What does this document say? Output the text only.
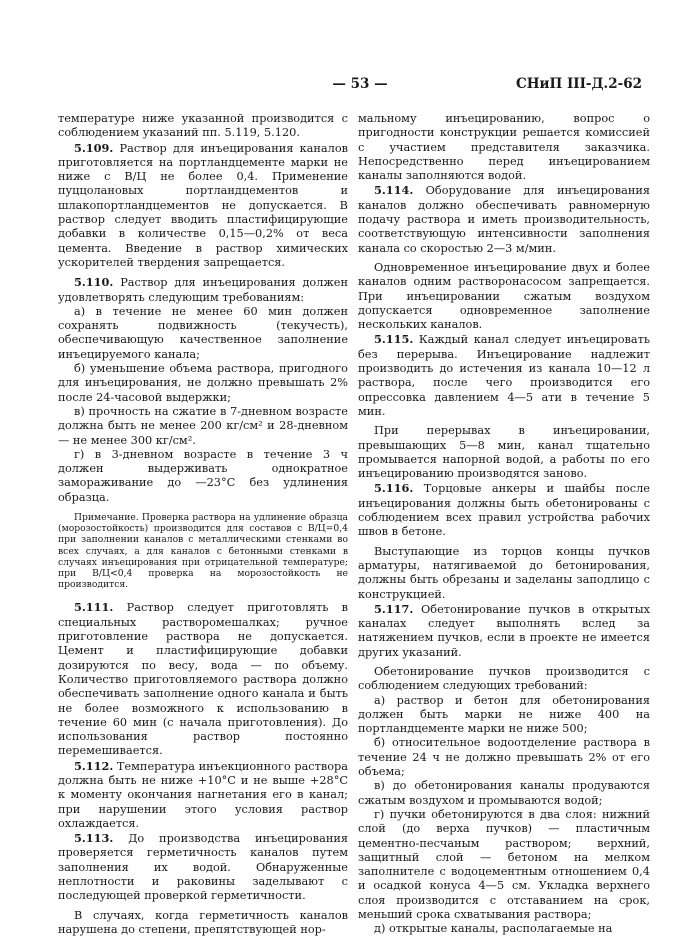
— 53 —	СНиП III-Д.2-62

температуре ниже указанной производится с соблюдением указаний пп. 5.119, 5.120.

5.109. Раствор для инъецирования каналов приготовляется на портландцементе марки не ниже с В/Ц не более 0,4. Применение пуццолановых портландцементов и шлакопортландцементов не допускается. В раствор следует вводить пластифицирующие добавки в количестве 0,15—0,2% от веса цемента. Введение в раствор химических ускорителей твердения запрещается.

5.110. Раствор для инъецирования должен удовлетворять следующим требованиям:

а) в течение не менее 60 мин должен сохранять подвижность (текучесть), обеспечивающую качественное заполнение инъецируемого канала;

б) уменьшение объема раствора, пригодного для инъецирования, не должно превышать 2% после 24-часовой выдержки;

в) прочность на сжатие в 7-дневном возрасте должна быть не менее 200 кг/см² и 28-дневном — не менее 300 кг/см².

г) в 3-дневном возрасте в течение 3 ч должен выдерживать однократное замораживание до —23°С без удлинения образца.

Примечание. Проверка раствора на удлинение образца (морозостойкость) производится для составов с В/Ц=0,4 при заполнении каналов с металлическими стенками во всех случаях, а для каналов с бетонными стенками в случаях инъецирования при отрицательной температуре; при В/Ц<0,4 проверка на морозостойкость не производится.

5.111. Раствор следует приготовлять в специальных растворомешалках; ручное приготовление раствора не допускается. Цемент и пластифицирующие добавки дозируются по весу, вода — по объему. Количество приготовляемого раствора должно обеспечивать заполнение одного канала и быть не более возможного к использованию в течение 60 мин (с начала приготовления). До использования раствор постоянно перемешивается.

5.112. Температура инъекционного раствора должна быть не ниже +10°С и не выше +28°С к моменту окончания нагнетания его в канал; при нарушении этого условия раствор охлаждается.

5.113. До производства инъецирования проверяется герметичность каналов путем заполнения их водой. Обнаруженные неплотности и раковины заделывают с последующей проверкой герметичности.

В случаях, когда герметичность каналов нарушена до степени, препятствующей нор-

мальному инъецированию, вопрос о пригодности конструкции решается комиссией с участием представителя заказчика. Непосредственно перед инъецированием каналы заполняются водой.

5.114. Оборудование для инъецирования каналов должно обеспечивать равномерную подачу раствора и иметь производительность, соответствующую интенсивности заполнения канала со скоростью 2—3 м/мин.

Одновременное инъецирование двух и более каналов одним растворонасосом запрещается. При инъецировании сжатым воздухом допускается одновременное заполнение нескольких каналов.

5.115. Каждый канал следует инъецировать без перерыва. Инъецирование надлежит производить до истечения из канала 10—12 л раствора, после чего производится его опрессовка давлением 4—5 ати в течение 5 мин.

При перерывах в инъецировании, превышающих 5—8 мин, канал тщательно промывается напорной водой, а работы по его инъецированию производятся заново.

5.116. Торцовые анкеры и шайбы после инъецирования должны быть обетонированы с соблюдением всех правил устройства рабочих швов в бетоне.

Выступающие из торцов концы пучков арматуры, натягиваемой до бетонирования, должны быть обрезаны и заделаны заподлицо с конструкцией.

5.117. Обетонирование пучков в открытых каналах следует выполнять вслед за натяжением пучков, если в проекте не имеется других указаний.

Обетонирование пучков производится с соблюдением следующих требований:

а) раствор и бетон для обетонирования должен быть марки не ниже 400 на портландцементе марки не ниже 500;

б) относительное водоотделение раствора в течение 24 ч не должно превышать 2% от его объема;

в) до обетонирования каналы продуваются сжатым воздухом и промываются водой;

г) пучки обетонируются в два слоя: нижний слой (до верха пучков) — пластичным цементно-песчаным раствором; верхний, защитный слой — бетоном на мелком заполнителе с водоцементным отношением 0,4 и осадкой конуса 4—5 см. Укладка верхнего слоя производится с отставанием на срок, меньший срока схватывания раствора;

д) открытые каналы, располагаемые на
